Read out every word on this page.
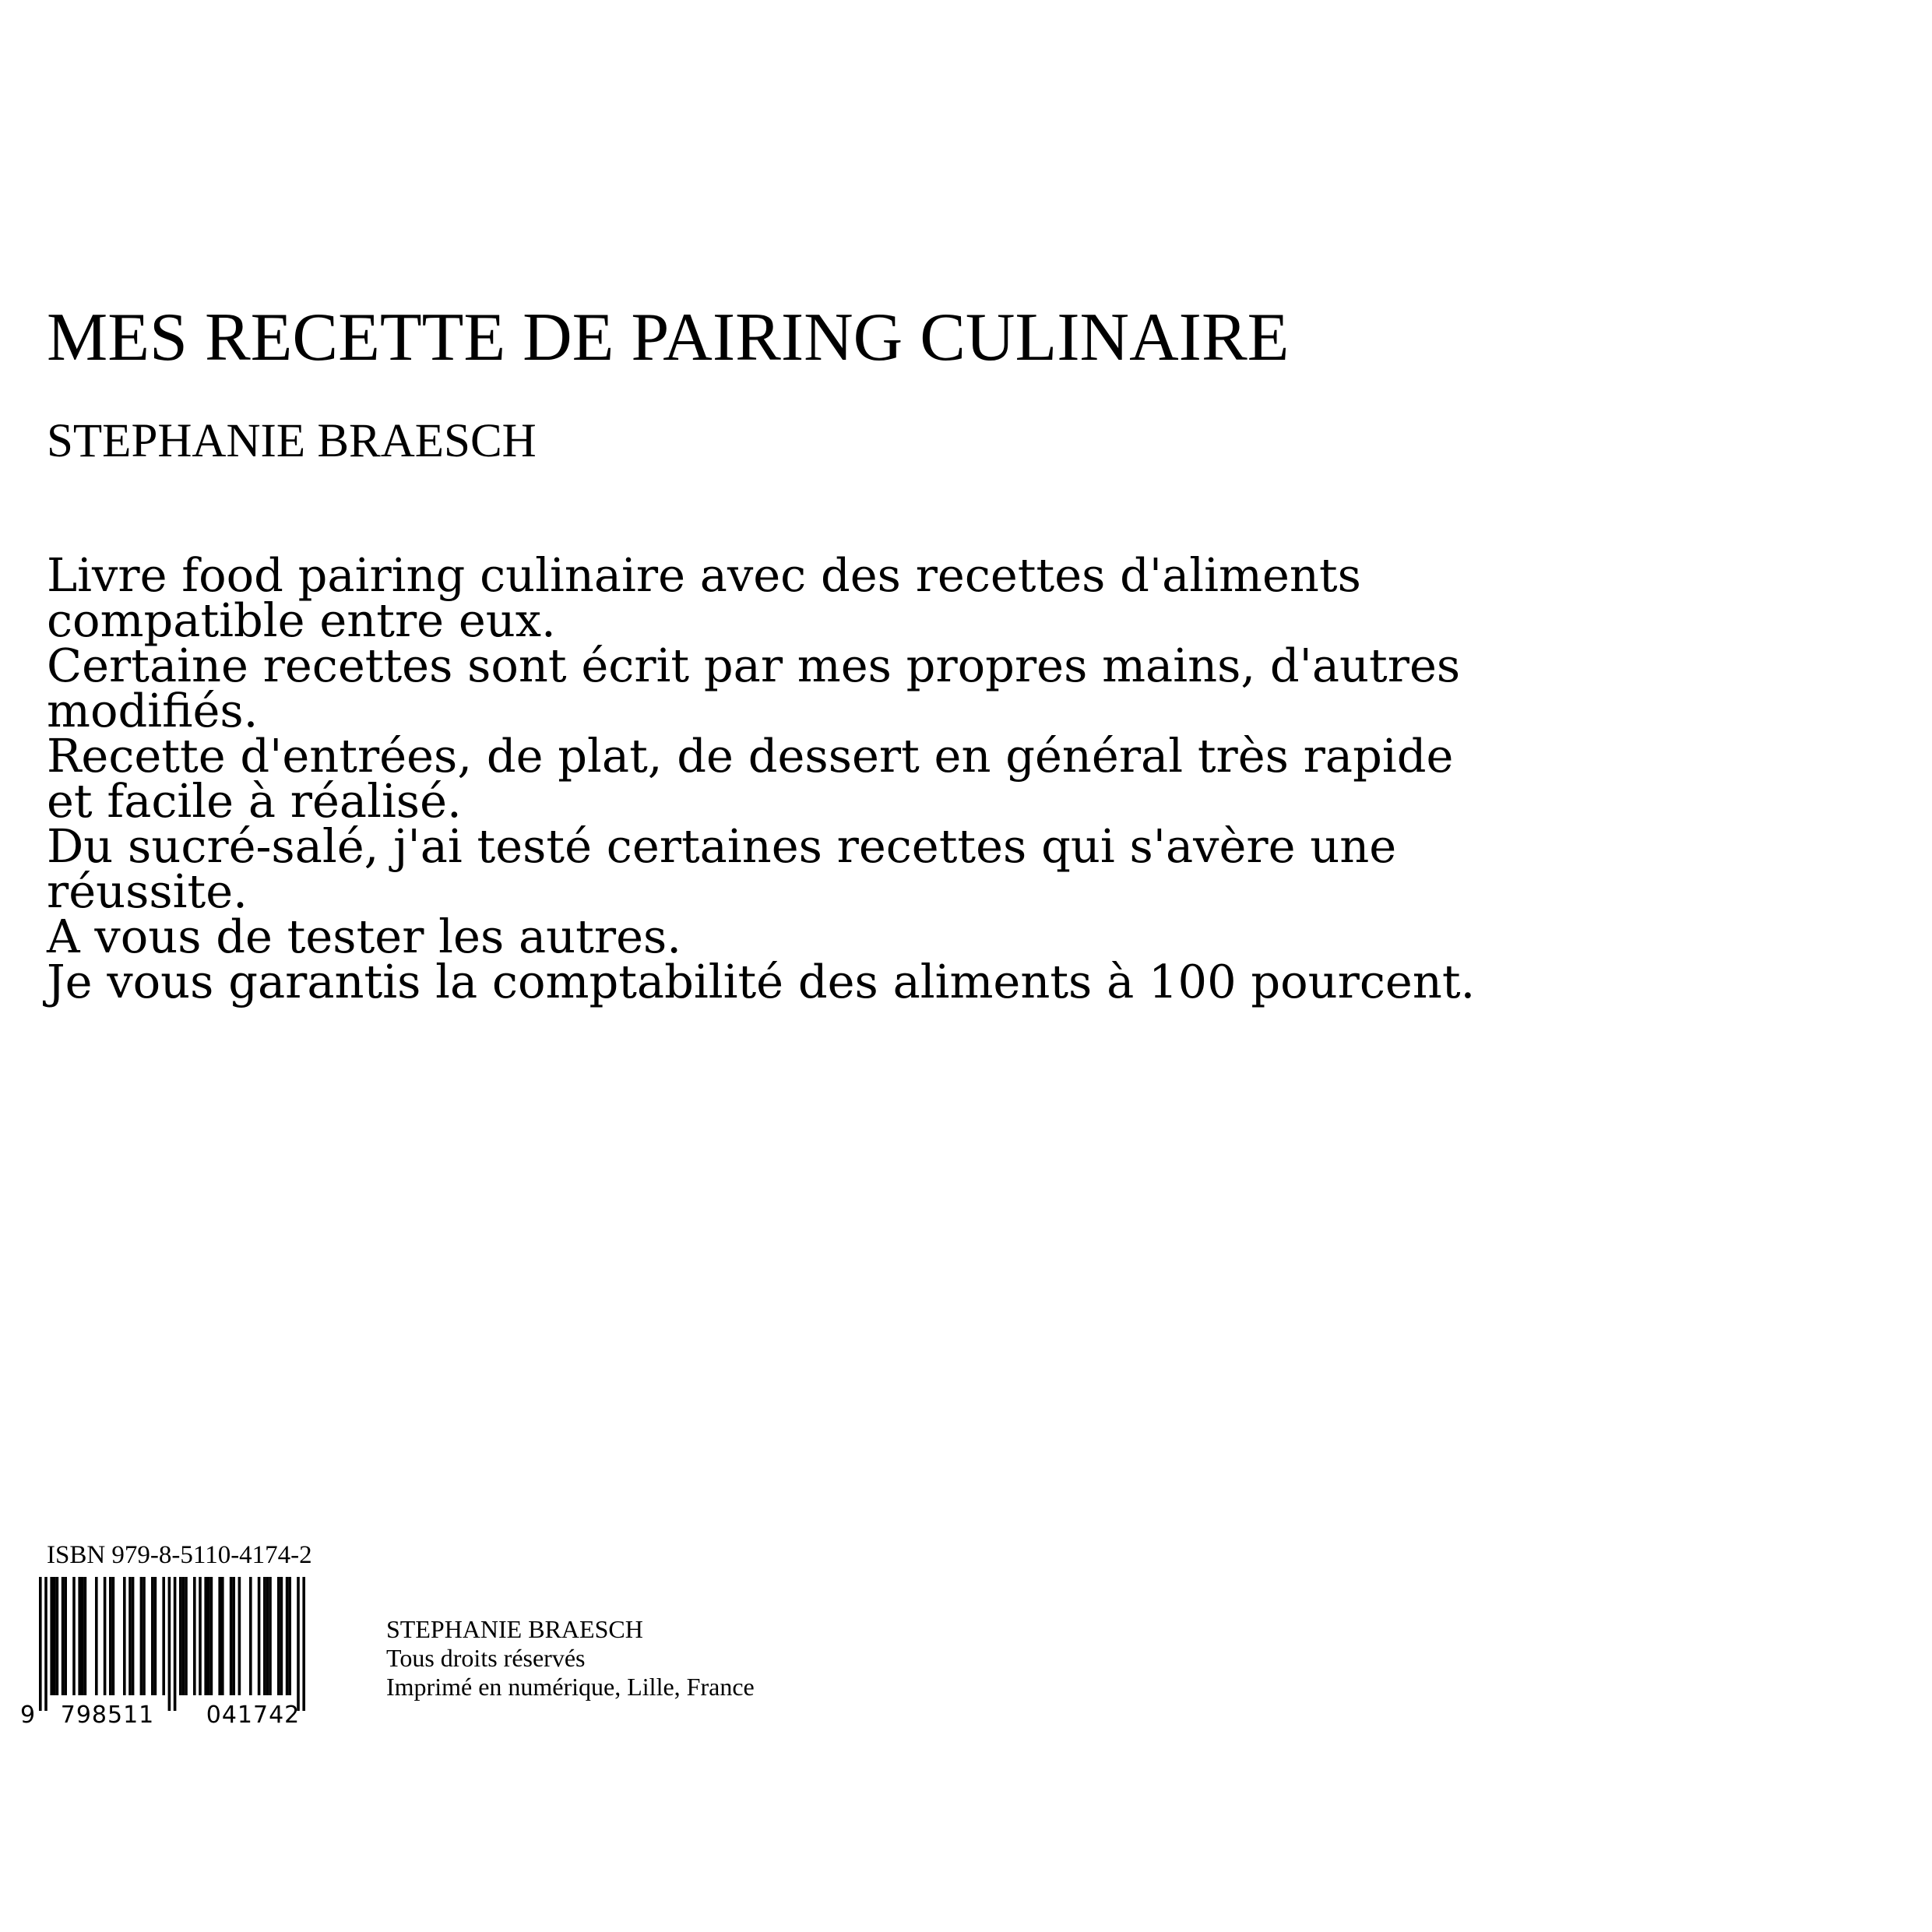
MES RECETTE DE PAIRING CULINAIRE
STEPHANIE BRAESCH

Livre food pairing culinaire avec des recettes d'aliments compatible entre eux.

Certaine recettes sont écrit par mes propres mains, d'autres modifiés.

Recette d'entrées, de plat, de dessert en général très rapide et facile à réalisé.

Du sucré-salé, j'ai testé certaines recettes qui s'avère une réussite.

A vous de tester les autres.

Je vous garantis la comptabilité des aliments à 100 pourcent.

ISBN 979-8-5110-4174-2
9 798511 041742
STEPHANIE BRAESCH
Tous droits réservés
Imprimé en numérique, Lille, France
